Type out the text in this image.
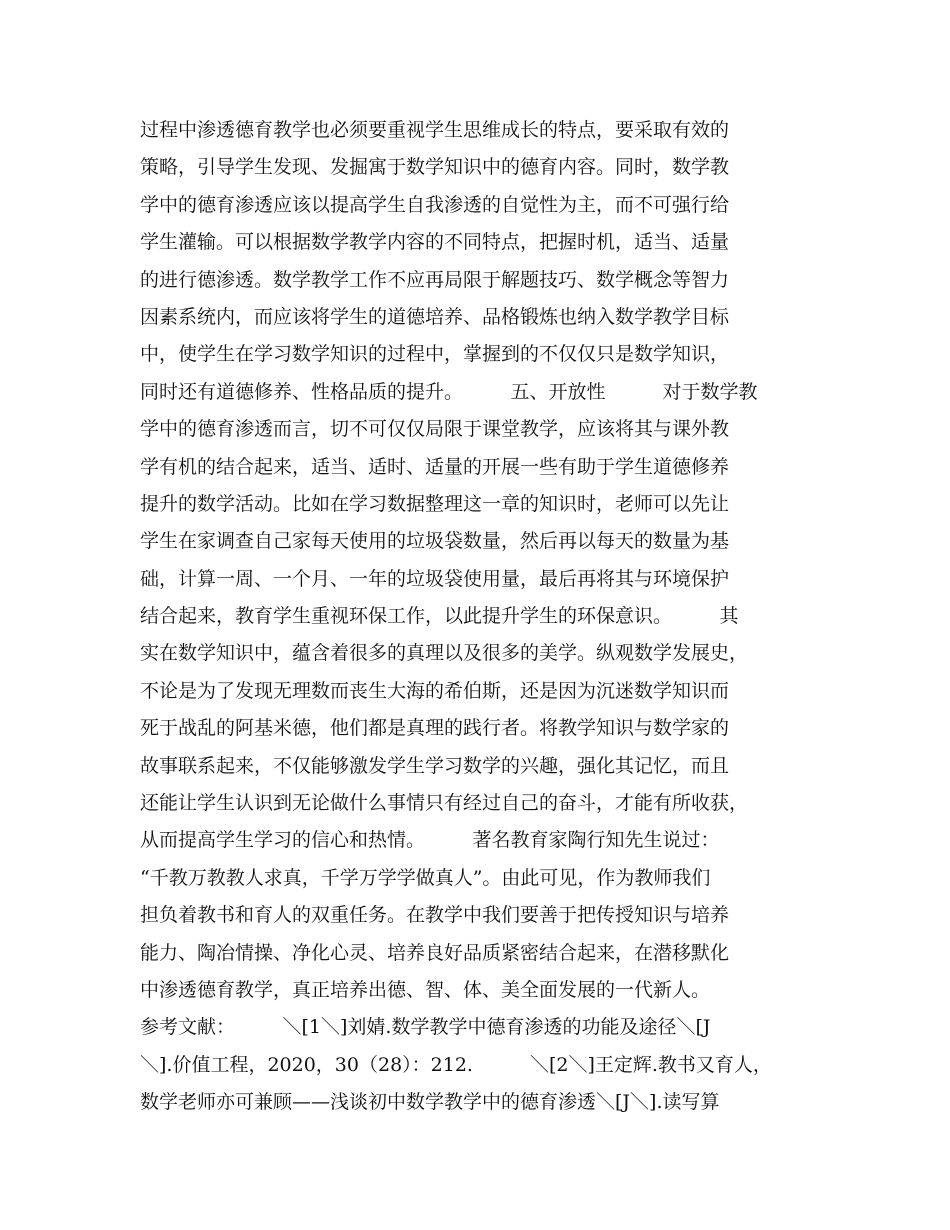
过程中渗透德育教学也必须要重视学生思维成长的特点，要采取有效的
策略，引导学生发现、发掘寓于数学知识中的德育内容。同时，数学教
学中的德育渗透应该以提高学生自我渗透的自觉性为主，而不可强行给
学生灌输。可以根据数学教学内容的不同特点，把握时机，适当、适量
的进行德渗透。数学教学工作不应再局限于解题技巧、数学概念等智力
因素系统内，而应该将学生的道德培养、品格锻炼也纳入数学教学目标
中，使学生在学习数学知识的过程中，掌握到的不仅仅只是数学知识，
同时还有道德修养、性格品质的提升。　　　五、开放性　　　对于数学教
学中的德育渗透而言，切不可仅仅局限于课堂教学，应该将其与课外教
学有机的结合起来，适当、适时、适量的开展一些有助于学生道德修养
提升的数学活动。比如在学习数据整理这一章的知识时，老师可以先让
学生在家调查自己家每天使用的垃圾袋数量，然后再以每天的数量为基
础，计算一周、一个月、一年的垃圾袋使用量，最后再将其与环境保护
结合起来，教育学生重视环保工作，以此提升学生的环保意识。　　　其
实在数学知识中，蕴含着很多的真理以及很多的美学。纵观数学发展史，
不论是为了发现无理数而丧生大海的希伯斯，还是因为沉迷数学知识而
死于战乱的阿基米德，他们都是真理的践行者。将教学知识与数学家的
故事联系起来，不仅能够激发学生学习数学的兴趣，强化其记忆，而且
还能让学生认识到无论做什么事情只有经过自己的奋斗，才能有所收获，
从而提高学生学习的信心和热情。　　　著名教育家陶行知先生说过：
“千教万教教人求真，千学万学学做真人”。由此可见，作为教师我们
担负着教书和育人的双重任务。在教学中我们要善于把传授知识与培养
能力、陶冶情操、净化心灵、培养良好品质紧密结合起来，在潜移默化
中渗透德育教学，真正培养出德、智、体、美全面发展的一代新人。
参考文献：　　　＼[1＼]刘婧.数学教学中德育渗透的功能及途径＼[J
＼].价值工程，2020，30（28）：212.　　　＼[2＼]王定辉.教书又育人，
数学老师亦可兼顾——浅谈初中数学教学中的德育渗透＼[J＼].读写算
